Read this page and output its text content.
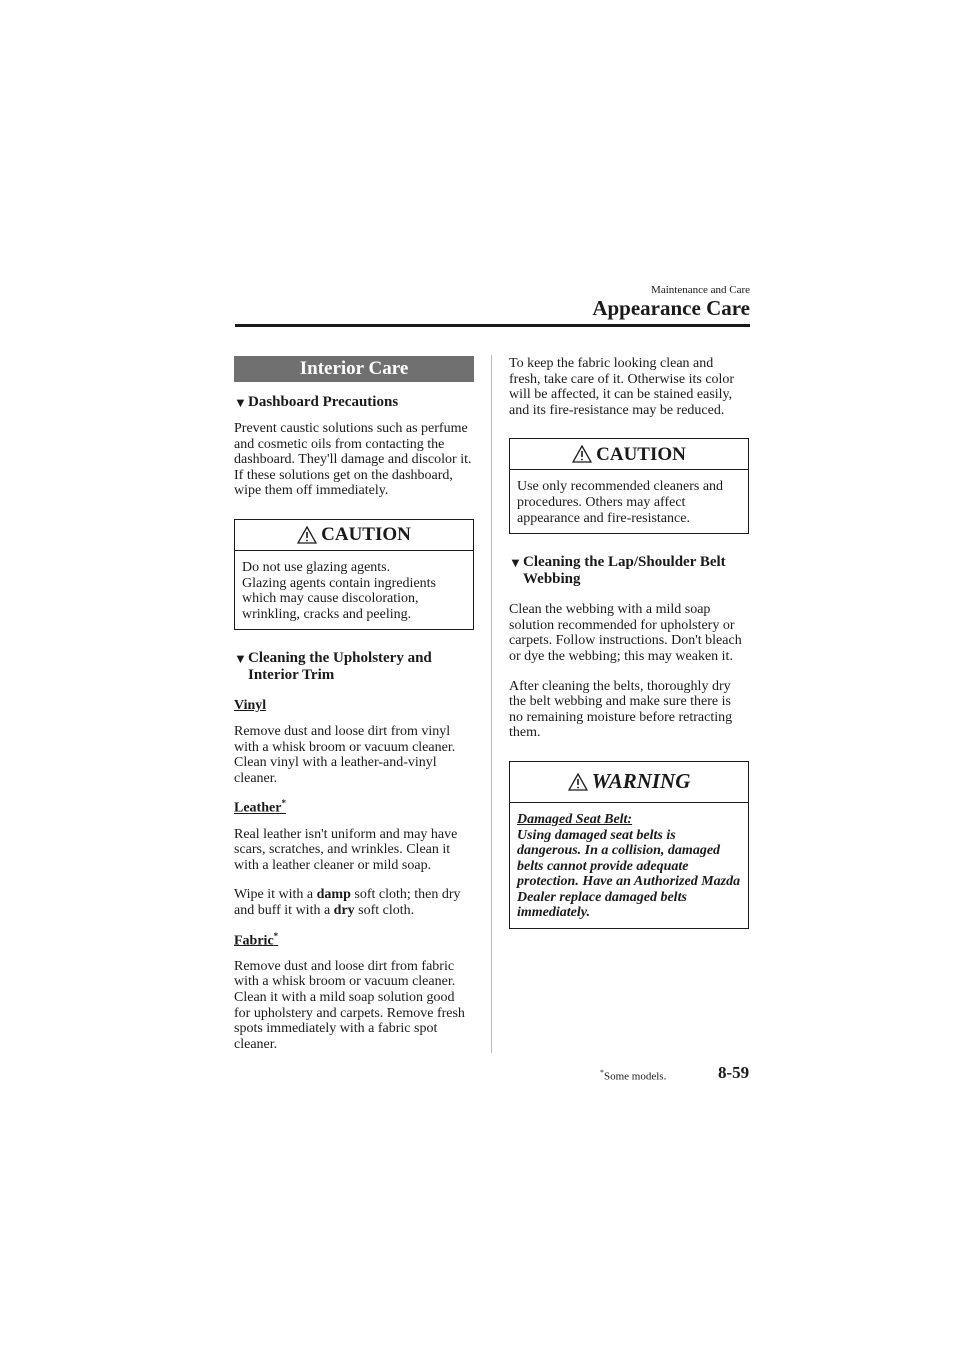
Maintenance and Care
Appearance Care
Interior Care
▼ Dashboard Precautions

Prevent caustic solutions such as perfume
and cosmetic oils from contacting the
dashboard. They'll damage and discolor it.
If these solutions get on the dashboard,
wipe them off immediately.

CAUTION
Do not use glazing agents.
Glazing agents contain ingredients
which may cause discoloration,
wrinkling, cracks and peeling.
▼ Cleaning the Upholstery and
Interior Trim
Vinyl

Remove dust and loose dirt from vinyl
with a whisk broom or vacuum cleaner.
Clean vinyl with a leather-and-vinyl
cleaner.

Leather*

Real leather isn't uniform and may have
scars, scratches, and wrinkles. Clean it
with a leather cleaner or mild soap.

Wipe it with a damp soft cloth; then dry
and buff it with a dry soft cloth.

Fabric*

Remove dust and loose dirt from fabric
with a whisk broom or vacuum cleaner.
Clean it with a mild soap solution good
for upholstery and carpets. Remove fresh
spots immediately with a fabric spot
cleaner.

To keep the fabric looking clean and
fresh, take care of it. Otherwise its color
will be affected, it can be stained easily,
and its fire-resistance may be reduced.

CAUTION
Use only recommended cleaners and
procedures. Others may affect
appearance and fire-resistance.
▼ Cleaning the Lap/Shoulder Belt
Webbing

Clean the webbing with a mild soap
solution recommended for upholstery or
carpets. Follow instructions. Don't bleach
or dye the webbing; this may weaken it.

After cleaning the belts, thoroughly dry
the belt webbing and make sure there is
no remaining moisture before retracting
them.

WARNING
Damaged Seat Belt:
Using damaged seat belts is
dangerous. In a collision, damaged
belts cannot provide adequate
protection. Have an Authorized Mazda
Dealer replace damaged belts
immediately.
*Some models.	8-59
